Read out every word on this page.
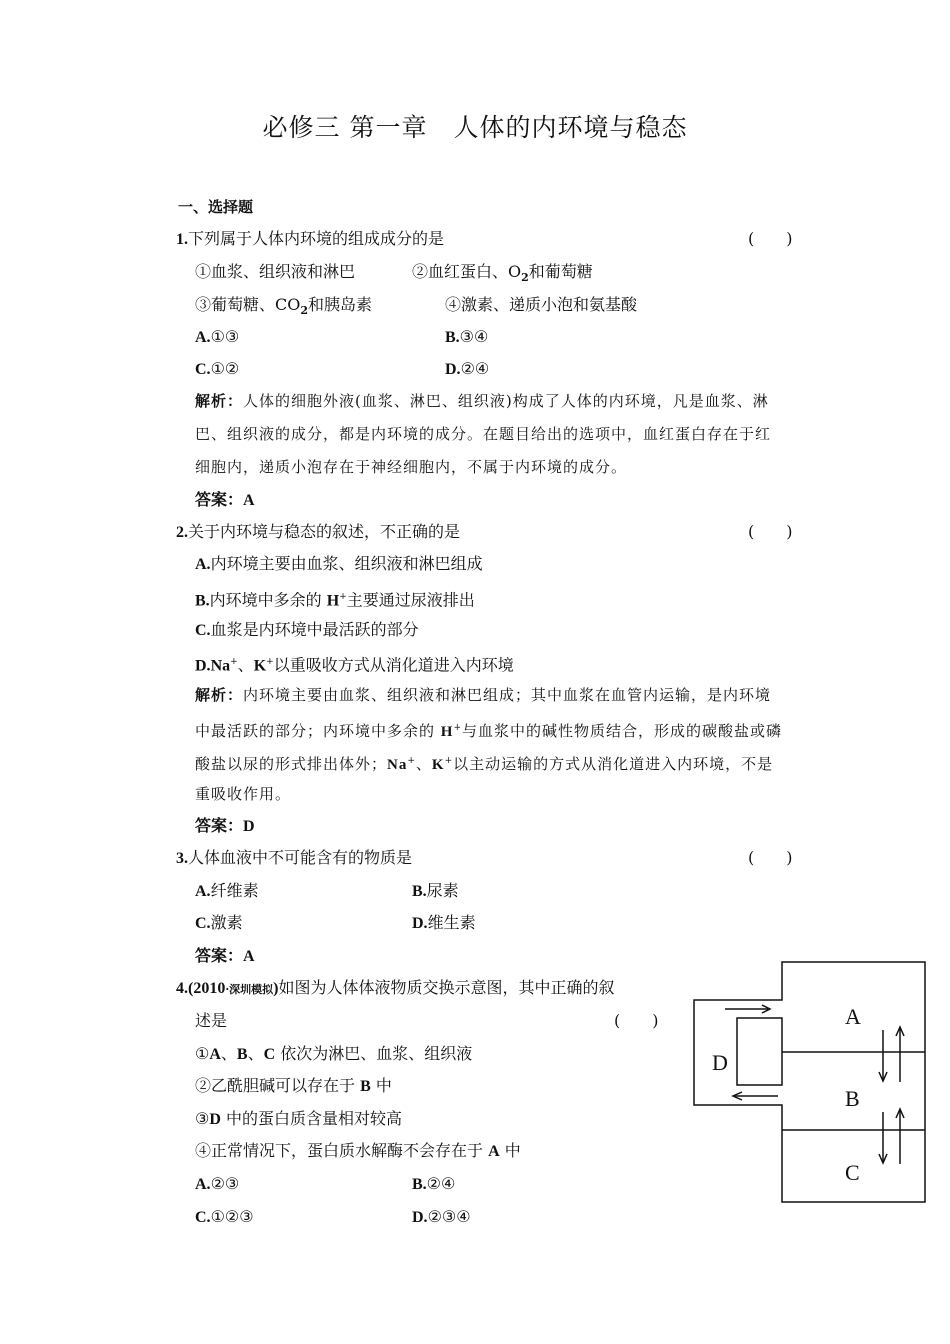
必修三 第一章　人体的内环境与稳态
一、选择题
1.下列属于人体内环境的组成成分的是	(　　)
①血浆、组织液和淋巴	②血红蛋白、$O_2$和葡萄糖
③葡萄糖、$CO_2$和胰岛素	④激素、递质小泡和氨基酸
A.①③	B.③④
C.①②	D.②④
解析：人体的细胞外液(血浆、淋巴、组织液)构成了人体的内环境，凡是血浆、淋
巴、组织液的成分，都是内环境的成分。在题目给出的选项中，血红蛋白存在于红
细胞内，递质小泡存在于神经细胞内，不属于内环境的成分。
答案：A
2.关于内环境与稳态的叙述，不正确的是	(　　)
A.内环境主要由血浆、组织液和淋巴组成
B.内环境中多余的 H+主要通过尿液排出
C.血浆是内环境中最活跃的部分
D.Na+、K+以重吸收方式从消化道进入内环境
解析：内环境主要由血浆、组织液和淋巴组成；其中血浆在血管内运输，是内环境
中最活跃的部分；内环境中多余的 H+与血浆中的碱性物质结合，形成的碳酸盐或磷
酸盐以尿的形式排出体外；Na+、K+以主动运输的方式从消化道进入内环境，不是
重吸收作用。
答案：D
3.人体血液中不可能含有的物质是	(　　)
A.纤维素	B.尿素
C.激素	D.维生素
答案：A
4.(2010·深圳模拟)如图为人体体液物质交换示意图，其中正确的叙
述是	(　　)
①A、B、C 依次为淋巴、血浆、组织液
②乙酰胆碱可以存在于 B 中
③D 中的蛋白质含量相对较高
④正常情况下，蛋白质水解酶不会存在于 A 中
A.②③	B.②④
C.①②③	D.②③④
A
B
C
D
